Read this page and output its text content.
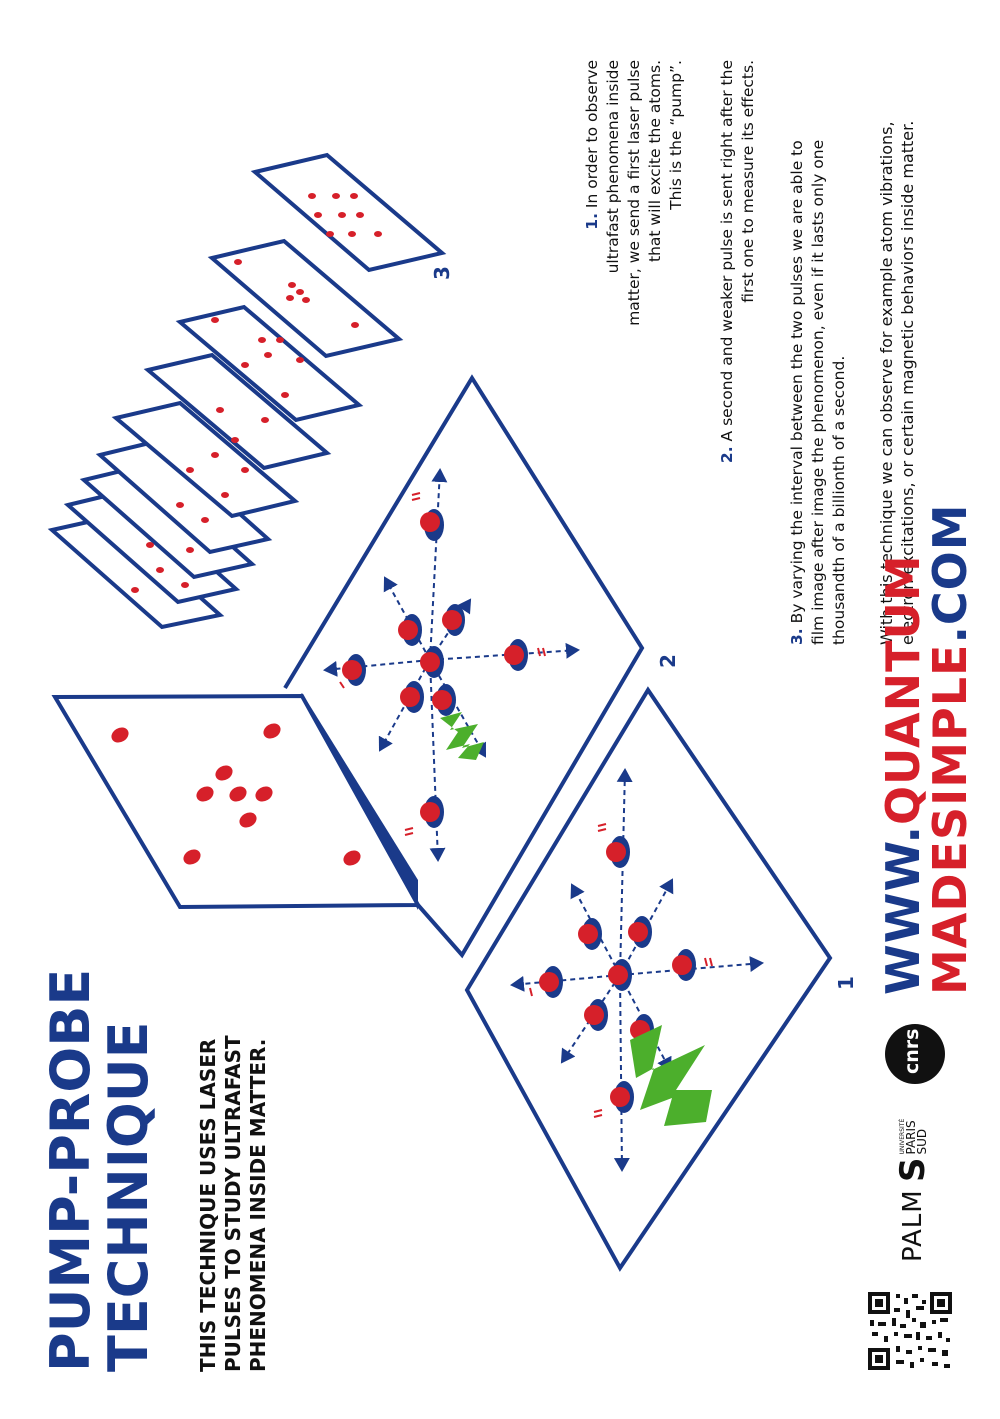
PUMP-PROBE
TECHNIQUE THIS TECHNIQUE USES LASER PULSES TO STUDY ULTRAFAST PHENOMENA INSIDE MATTER.
1
2
3
1. In order to observe ultrafast phenomena inside matter, we send a first laser pulse that will excite the atoms. This is the “pump”.
2. A second and weaker pulse is sent right after the first one to measure its effects.
3. By varying the interval between the two pulses we are able to film image after image the phenomenon, even if it lasts only one thousandth of a billionth of a second. With this technique we can observe for example atom vibrations, electron excitations, or certain magnetic behaviors inside matter.
WWW.QUANTUM
MADESIMPLE.COM
cnrs
S
UNIVERSITÉ
PARIS
SUD
PALM
